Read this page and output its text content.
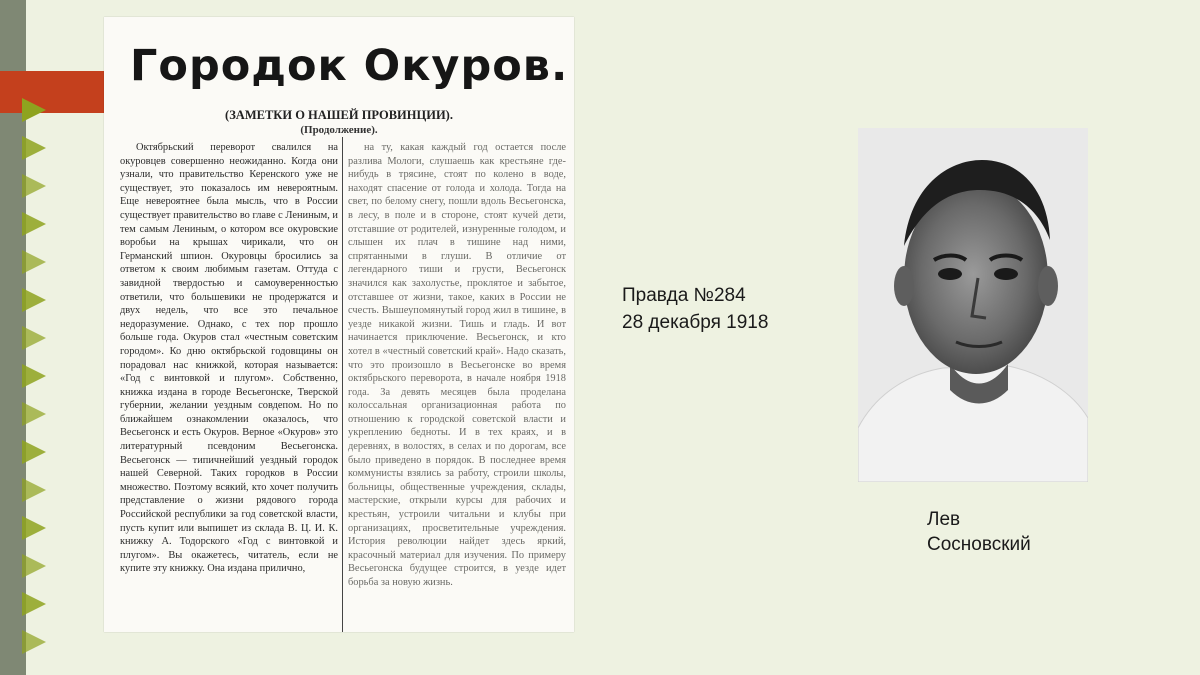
Городок Окуров.
(ЗАМЕТКИ О НАШЕЙ ПРОВИНЦИИ).
(Продолжение).
Октябрьский переворот свалился на окуровцев совершенно неожиданно. Когда они узнали, что правительство Керенского уже не существует, это показалось им невероятным. Еще невероятнее была мысль, что в России существует правительство во главе с Лениным, и тем самым Лениным, о котором все окуровские воробьи на крышах чирикали, что он Германский шпион. Окуровцы бросились за ответом к своим любимым газетам. Оттуда с завидной твердостью и самоуверенностью ответили, что большевики не продержатся и двух недель, что все это печальное недоразумение. Однако, с тех пор прошло больше года. Окуров стал «честным советским городом». Ко дню октябрьской годовщины он порадовал нас книжкой, которая называется: «Год с винтовкой и плугом». Собственно, книжка издана в городе Весьегонске, Тверской губернии, желании уездным совдепом. Но по ближайшем ознакомлении оказалось, что Весьегонск и есть Окуров. Верное «Окуров» это литературный псевдоним Весьегонска. Весьегонск — типичнейший уездный городок нашей Северной. Таких городков в России множество. Поэтому всякий, кто хочет получить представление о жизни рядового города Российской республики за год советской власти, пусть купит или выпишет из склада В. Ц. И. К. книжку А. Тодорского «Год с винтовкой и плугом». Вы окажетесь, читатель, если не купите эту книжку. Она издана прилично,
на ту, какая каждый год остается после разлива Мологи, слушаешь как крестьяне где-нибудь в трясине, стоят по колено в воде, находят спасение от голода и холода. Тогда на свет, по белому снегу, пошли вдоль Весьегонска, в лесу, в поле и в стороне, стоят кучей дети, отставшие от родителей, изнуренные голодом, и слышен их плач в тишине над ними, спрятанными в глуши. В отличие от легендарного тиши и грусти, Весьегонск значился как захолустье, проклятое и забытое, отставшее от жизни, такое, каких в России не счесть. Вышеупомянутый город жил в тишине, в уезде никакой жизни. Тишь и гладь. И вот начинается приключение. Весьегонск, и кто хотел в «честный советский край». Надо сказать, что это произошло в Весьегонске во время октябрьского переворота, в начале ноября 1918 года. За девять месяцев была проделана колоссальная организационная работа по отношению к городской советской власти и укреплению бедноты. И в тех краях, и в деревнях, в волостях, в селах и по дорогам, все было приведено в порядок. В последнее время коммунисты взялись за работу, строили школы, больницы, общественные учреждения, склады, мастерские, открыли курсы для рабочих и крестьян, устроили читальни и клубы при организациях, просветительные учреждения. История революции найдет здесь яркий, красочный материал для изучения. По примеру Весьегонска будущее строится, в уезде идет борьба за новую жизнь.
Правда №284
28 декабря 1918
Лев
Сосновский
